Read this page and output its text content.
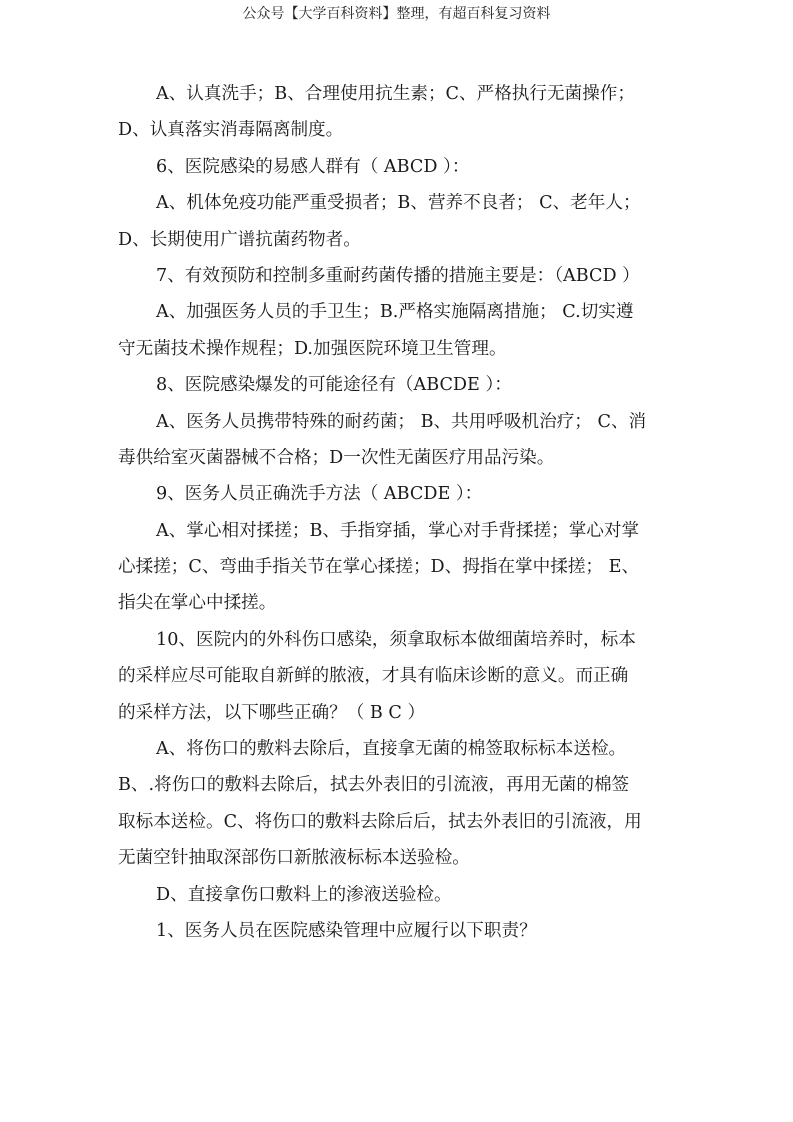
公众号【大学百科资料】整理，有超百科复习资料
A、认真洗手；B、合理使用抗生素；C、严格执行无菌操作；
D、认真落实消毒隔离制度。
6、医院感染的易感人群有（ ABCD ）：
A、机体免疫功能严重受损者；B、营养不良者； C、老年人；
D、长期使用广谱抗菌药物者。
7、有效预防和控制多重耐药菌传播的措施主要是：（ABCD ）
A、加强医务人员的手卫生；B.严格实施隔离措施； C.切实遵
守无菌技术操作规程；D.加强医院环境卫生管理。
8、医院感染爆发的可能途径有（ABCDE ）：
A、医务人员携带特殊的耐药菌； B、共用呼吸机治疗； C、消
毒供给室灭菌器械不合格；D一次性无菌医疗用品污染。
9、医务人员正确洗手方法（ ABCDE ）：
A、掌心相对揉搓；B、手指穿插，掌心对手背揉搓；掌心对掌
心揉搓；C、弯曲手指关节在掌心揉搓；D、拇指在掌中揉搓； E、
指尖在掌心中揉搓。
10、医院内的外科伤口感染，须拿取标本做细菌培养时，标本
的采样应尽可能取自新鲜的脓液，才具有临床诊断的意义。而正确
的采样方法，以下哪些正确？（ B C ）
A、将伤口的敷料去除后，直接拿无菌的棉签取标标本送检。
B、.将伤口的敷料去除后，拭去外表旧的引流液，再用无菌的棉签
取标本送检。C、将伤口的敷料去除后后，拭去外表旧的引流液，用
无菌空针抽取深部伤口新脓液标标本送验检。
D、直接拿伤口敷料上的渗液送验检。
1、医务人员在医院感染管理中应履行以下职责？
